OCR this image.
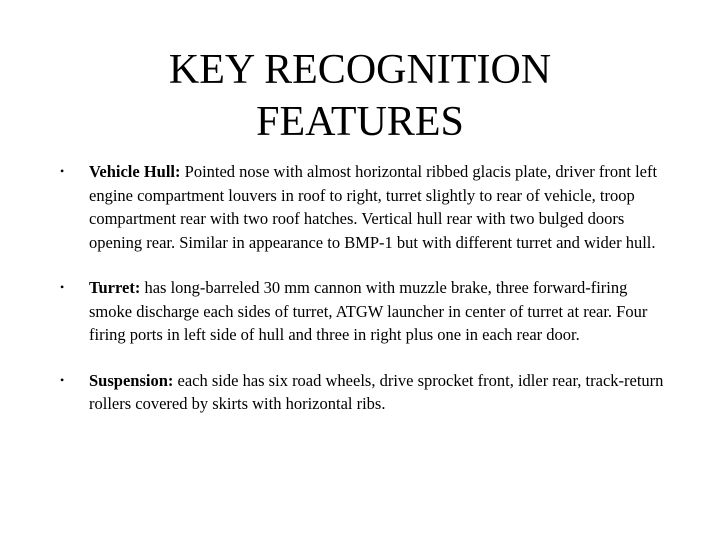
KEY RECOGNITION
FEATURES
• Vehicle Hull: Pointed nose with almost horizontal ribbed glacis plate, driver front left engine compartment louvers in roof to right, turret slightly to rear of vehicle, troop compartment rear with two roof hatches. Vertical hull rear with two bulged doors opening rear. Similar in appearance to BMP-1 but with different turret and wider hull.
• Turret: has long-barreled 30 mm cannon with muzzle brake, three forward-firing smoke discharge each sides of turret, ATGW launcher in center of turret at rear. Four firing ports in left side of hull and three in right plus one in each rear door.
• Suspension: each side has six road wheels, drive sprocket front, idler rear, track-return rollers covered by skirts with horizontal ribs.
